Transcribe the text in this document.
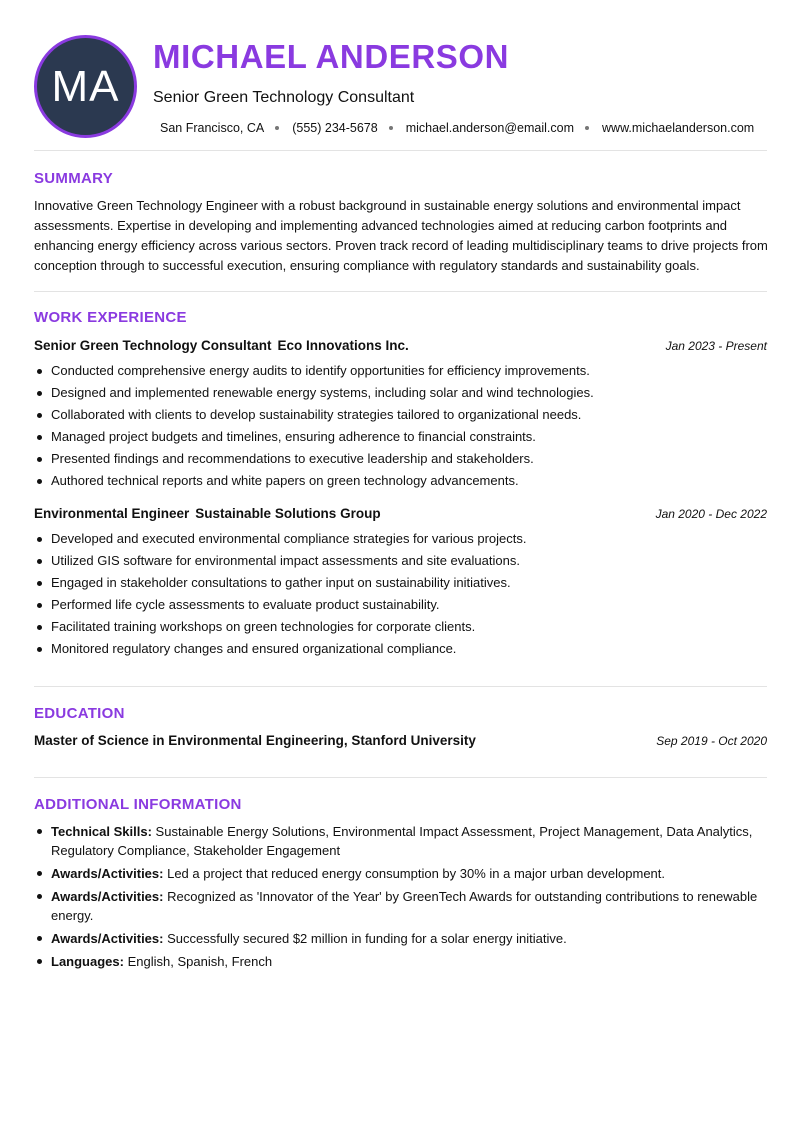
MA
MICHAEL ANDERSON
Senior Green Technology Consultant
San Francisco, CA (555) 234-5678 michael.anderson@email.com www.michaelanderson.com
SUMMARY
Innovative Green Technology Engineer with a robust background in sustainable energy solutions and environmental impact assessments. Expertise in developing and implementing advanced technologies aimed at reducing carbon footprints and enhancing energy efficiency across various sectors. Proven track record of leading multidisciplinary teams to drive projects from conception through to successful execution, ensuring compliance with regulatory standards and sustainability goals.
WORK EXPERIENCE
Senior Green Technology Consultant Eco Innovations Inc.	Jan 2023 - Present
Conducted comprehensive energy audits to identify opportunities for efficiency improvements.
Designed and implemented renewable energy systems, including solar and wind technologies.
Collaborated with clients to develop sustainability strategies tailored to organizational needs.
Managed project budgets and timelines, ensuring adherence to financial constraints.
Presented findings and recommendations to executive leadership and stakeholders.
Authored technical reports and white papers on green technology advancements.
Environmental Engineer Sustainable Solutions Group	Jan 2020 - Dec 2022
Developed and executed environmental compliance strategies for various projects.
Utilized GIS software for environmental impact assessments and site evaluations.
Engaged in stakeholder consultations to gather input on sustainability initiatives.
Performed life cycle assessments to evaluate product sustainability.
Facilitated training workshops on green technologies for corporate clients.
Monitored regulatory changes and ensured organizational compliance.
EDUCATION
Master of Science in Environmental Engineering, Stanford University	Sep 2019 - Oct 2020
ADDITIONAL INFORMATION
Technical Skills: Sustainable Energy Solutions, Environmental Impact Assessment, Project Management, Data Analytics, Regulatory Compliance, Stakeholder Engagement
Awards/Activities: Led a project that reduced energy consumption by 30% in a major urban development.
Awards/Activities: Recognized as 'Innovator of the Year' by GreenTech Awards for outstanding contributions to renewable energy.
Awards/Activities: Successfully secured $2 million in funding for a solar energy initiative.
Languages: English, Spanish, French
